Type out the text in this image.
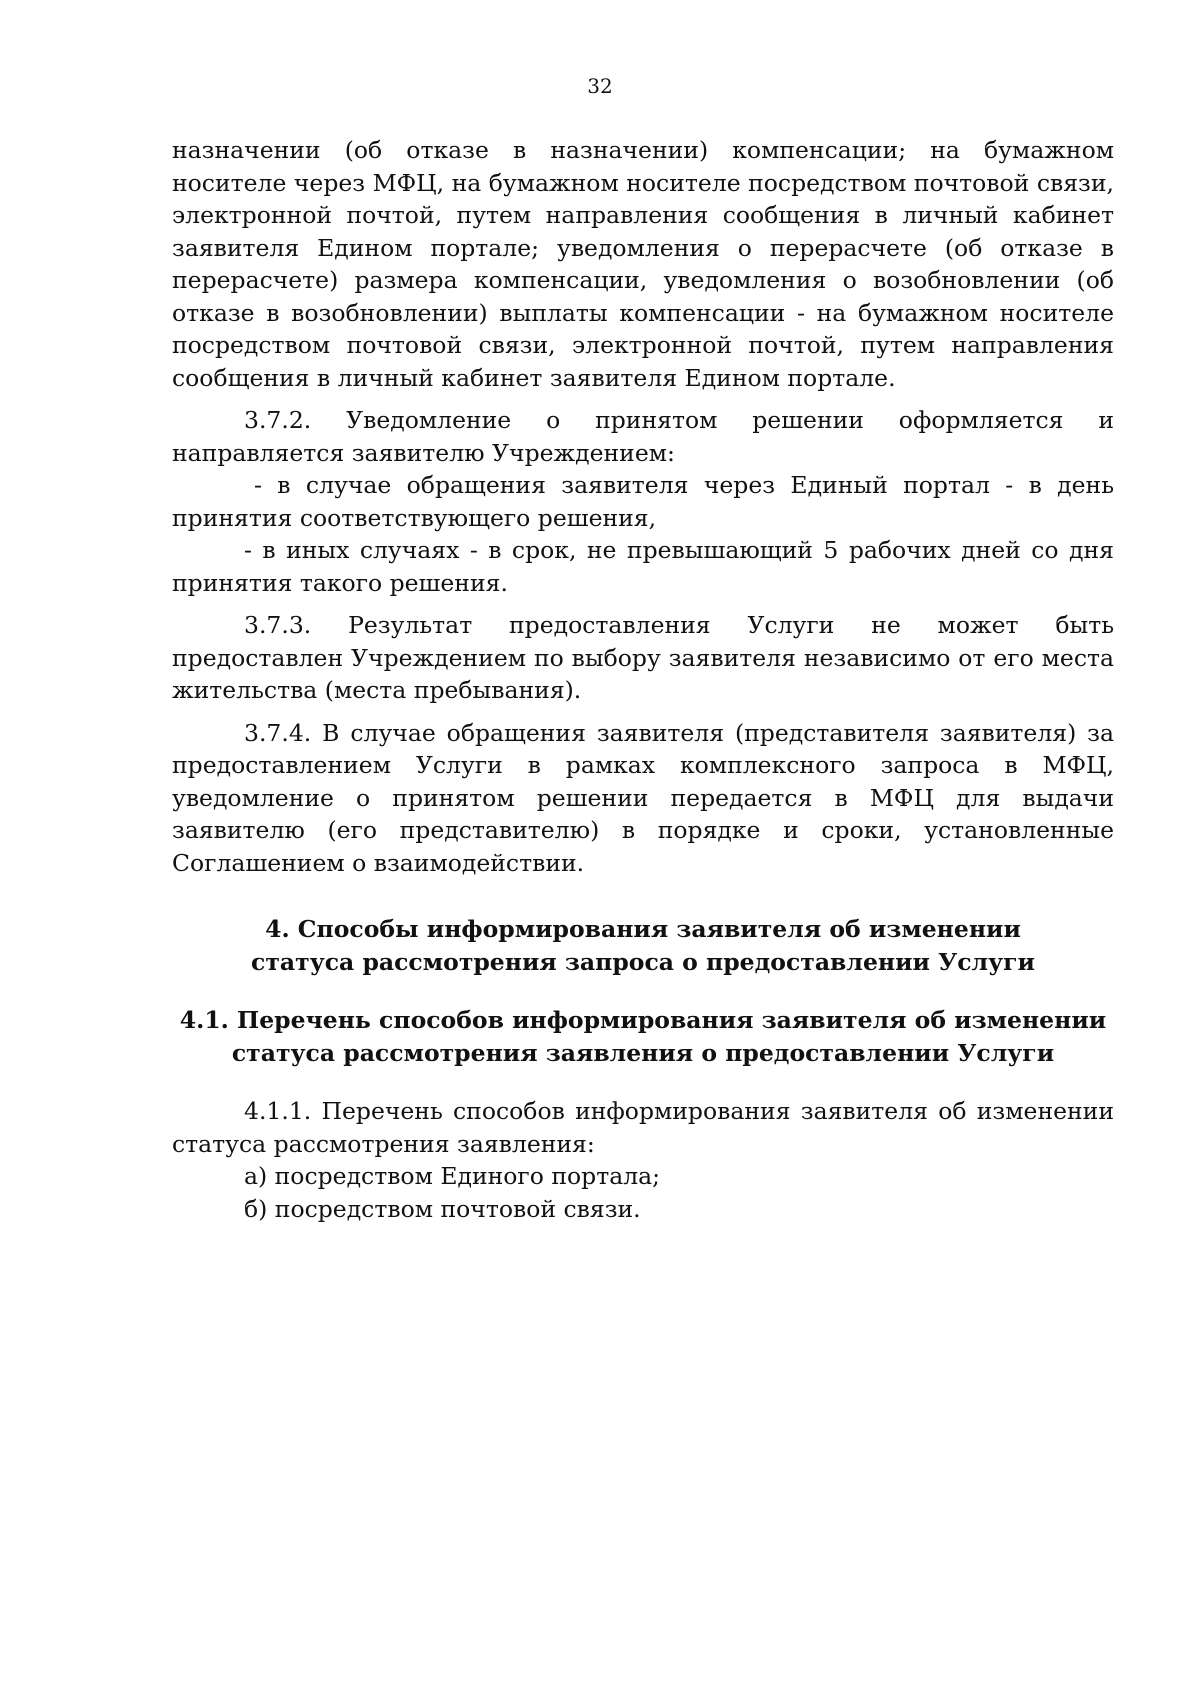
32

назначении (об отказе в назначении) компенсации; на бумажном носителе через МФЦ, на бумажном носителе посредством почтовой связи, электронной почтой, путем направления сообщения в личный кабинет заявителя Едином портале; уведомления о перерасчете (об отказе в перерасчете) размера компенсации, уведомления о возобновлении (об отказе в возобновлении) выплаты компенсации - на бумажном носителе посредством почтовой связи, электронной почтой, путем направления сообщения в личный кабинет заявителя Едином портале.

3.7.2. Уведомление о принятом решении оформляется и направляется заявителю Учреждением:

- в случае обращения заявителя через Единый портал - в день принятия соответствующего решения,

- в иных случаях - в срок, не превышающий 5 рабочих дней со дня принятия такого решения.

3.7.3. Результат предоставления Услуги не может быть предоставлен Учреждением по выбору заявителя независимо от его места жительства (места пребывания).

3.7.4. В случае обращения заявителя (представителя заявителя) за предоставлением Услуги в рамках комплексного запроса в МФЦ, уведомление о принятом решении передается в МФЦ для выдачи заявителю (его представителю) в порядке и сроки, установленные Соглашением о взаимодействии.

4. Способы информирования заявителя об изменении статуса рассмотрения запроса о предоставлении Услуги
4.1. Перечень способов информирования заявителя об изменении статуса рассмотрения заявления о предоставлении Услуги

4.1.1. Перечень способов информирования заявителя об изменении статуса рассмотрения заявления:

а) посредством Единого портала;

б) посредством почтовой связи.
